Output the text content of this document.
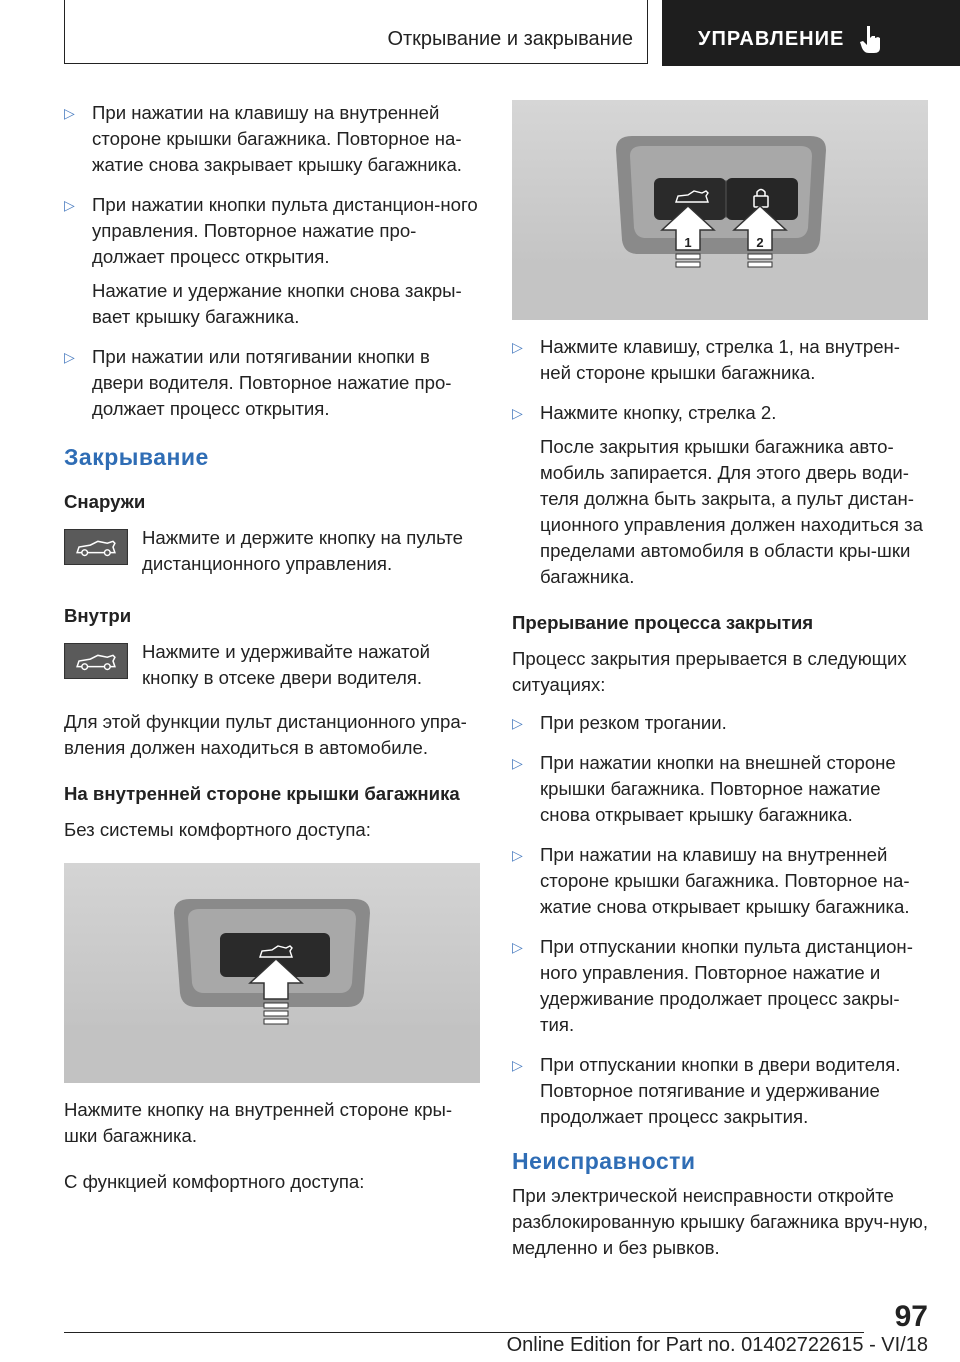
Открывание и закрывание	УПРАВЛЕНИЕ
▷ При нажатии на клавишу на внутренней стороне крышки багажника. Повторное на-жатие снова закрывает крышку багажника.

▷ При нажатии кнопки пульта дистанцион-ного управления. Повторное нажатие про-должает процесс открытия.

Нажатие и удержание кнопки снова закры-вает крышку багажника.

▷ При нажатии или потягивании кнопки в двери водителя. Повторное нажатие про-должает процесс открытия.

Закрывание
Снаружи

Нажмите и держите кнопку на пульте дистанционного управления.

Внутри

Нажмите и удерживайте нажатой кнопку в отсеке двери водителя.

Для этой функции пульт дистанционного упра-вления должен находиться в автомобиле.

На внутренней стороне крышки багажника

Без системы комфортного доступа:

Нажмите кнопку на внутренней стороне кры-шки багажника.

С функцией комфортного доступа:

1	2
▷ Нажмите клавишу, стрелка 1, на внутрен-ней стороне крышки багажника.

▷ Нажмите кнопку, стрелка 2.

После закрытия крышки багажника авто-мобиль запирается. Для этого дверь води-теля должна быть закрыта, а пульт дистан-ционного управления должен находиться за пределами автомобиля в области кры-шки багажника.

Прерывание процесса закрытия

Процесс закрытия прерывается в следующих ситуациях:

▷ При резком трогании.

▷ При нажатии кнопки на внешней стороне крышки багажника. Повторное нажатие снова открывает крышку багажника.

▷ При нажатии на клавишу на внутренней стороне крышки багажника. Повторное на-жатие снова открывает крышку багажника.

▷ При отпускании кнопки пульта дистанцион-ного управления. Повторное нажатие и удерживание продолжает процесс закры-тия.

▷ При отпускании кнопки в двери водителя. Повторное потягивание и удерживание продолжает процесс закрытия.

Неисправности

При электрической неисправности откройте разблокированную крышку багажника вруч-ную, медленно и без рывков.

97
Online Edition for Part no. 01402722615 - VI/18
